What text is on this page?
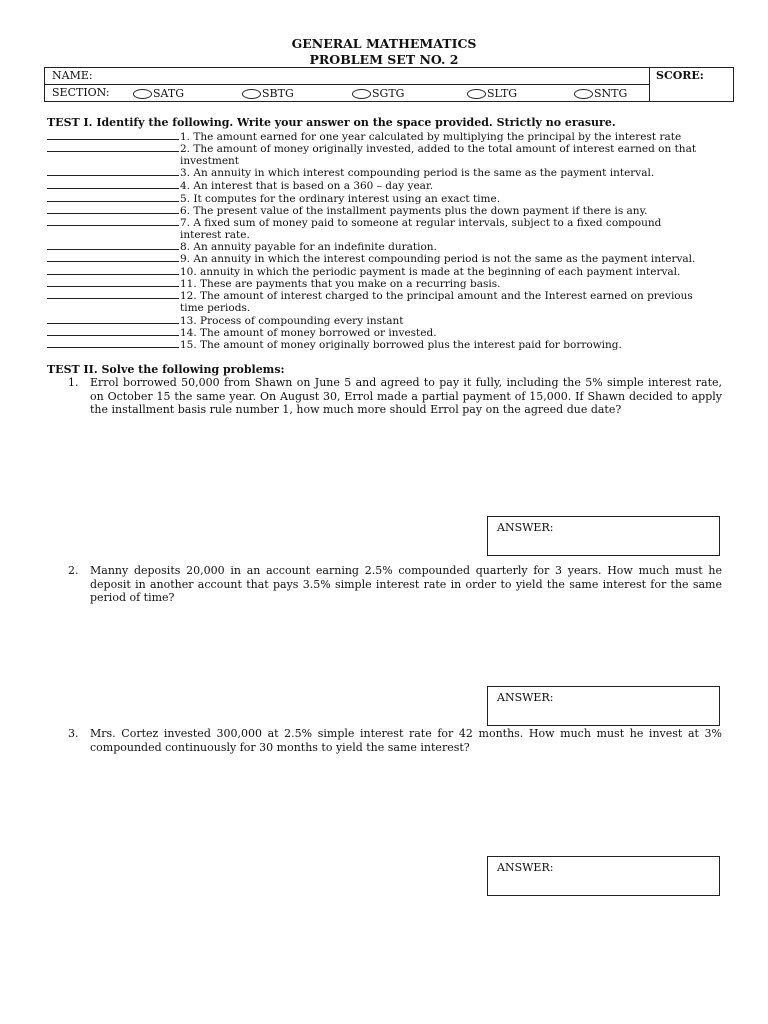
GENERAL MATHEMATICS
PROBLEM SET NO. 2
NAME:	SCORE:
SECTION:	SATG	SBTG	SGTG	SLTG	SNTG
TEST I. Identify the following. Write your answer on the space provided. Strictly no erasure.
1. The amount earned for one year calculated by multiplying the principal by the interest rate
2. The amount of money originally invested, added to the total amount of interest earned on that
investment
3. An annuity in which interest compounding period is the same as the payment interval.
4. An interest that is based on a 360 – day year.
5. It computes for the ordinary interest using an exact time.
6. The present value of the installment payments plus the down payment if there is any.
7. A fixed sum of money paid to someone at regular intervals, subject to a fixed compound
interest rate.
8. An annuity payable for an indefinite duration.
9. An annuity in which the interest compounding period is not the same as the payment interval.
10. annuity in which the periodic payment is made at the beginning of each payment interval.
11. These are payments that you make on a recurring basis.
12. The amount of interest charged to the principal amount and the Interest earned on previous
time periods.
13. Process of compounding every instant
14. The amount of money borrowed or invested.
15. The amount of money originally borrowed plus the interest paid for borrowing.
TEST II. Solve the following problems:
1. Errol borrowed 50,000 from Shawn on June 5 and agreed to pay it fully, including the 5% simple interest rate, on October 15 the same year. On August 30, Errol made a partial payment of 15,000. If Shawn decided to apply the installment basis rule number 1, how much more should Errol pay on the agreed due date?
ANSWER:
2. Manny deposits 20,000 in an account earning 2.5% compounded quarterly for 3 years. How much must he deposit in another account that pays 3.5% simple interest rate in order to yield the same interest for the same period of time?
ANSWER:
3. Mrs. Cortez invested 300,000 at 2.5% simple interest rate for 42 months. How much must he invest at 3% compounded continuously for 30 months to yield the same interest?
ANSWER:
